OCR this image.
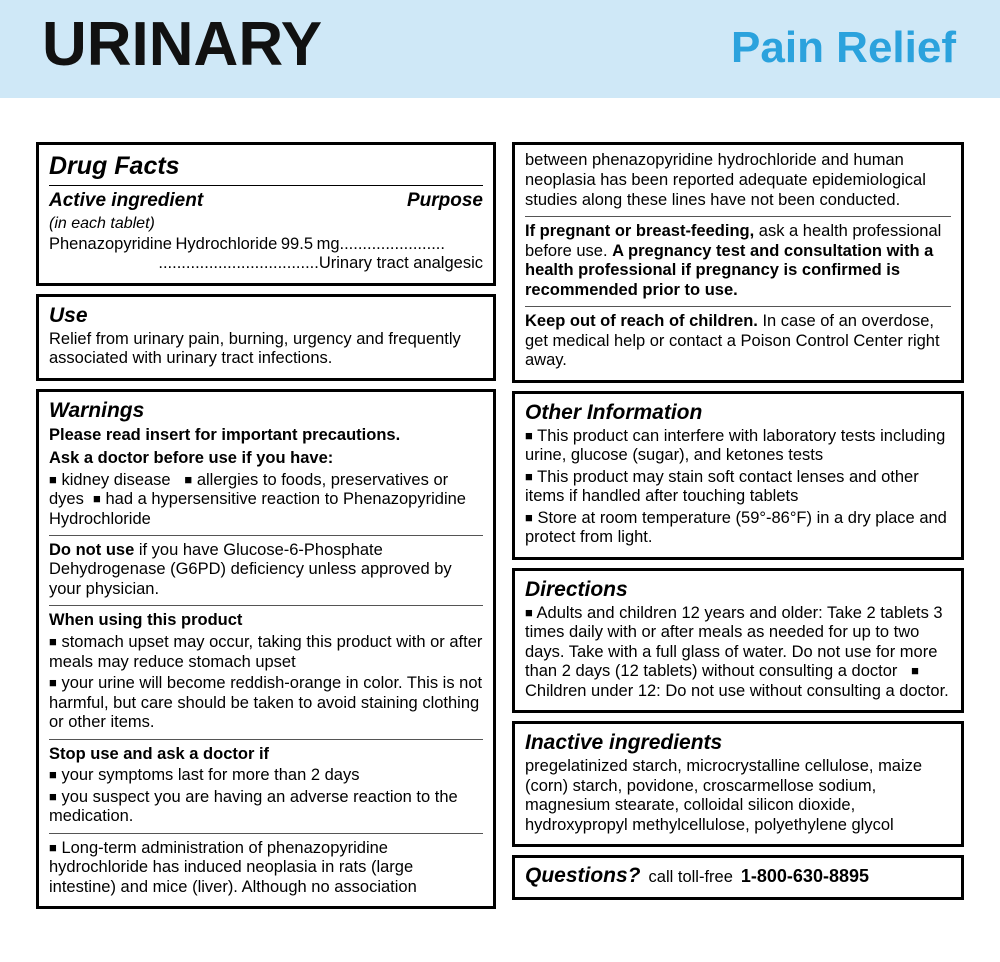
URINARY	Pain Relief
Drug Facts
Active ingredient	Purpose
(in each tablet)
Phenazopyridine Hydrochloride 99.5 mg.......................
...................................Urinary tract analgesic
Use
Relief from urinary pain, burning, urgency and frequently associated with urinary tract infections.
Warnings
Please read insert for important precautions.
Ask a doctor before use if you have:
■ kidney disease ■ allergies to foods, preservatives or dyes ■ had a hypersensitive reaction to Phenazopyridine Hydrochloride
Do not use if you have Glucose-6-Phosphate Dehydrogenase (G6PD) deficiency unless approved by your physician.
When using this product
■ stomach upset may occur, taking this product with or after meals may reduce stomach upset
■ your urine will become reddish-orange in color. This is not harmful, but care should be taken to avoid staining clothing or other items.
Stop use and ask a doctor if
■ your symptoms last for more than 2 days
■ you suspect you are having an adverse reaction to the medication.
■ Long-term administration of phenazopyridine hydrochloride has induced neoplasia in rats (large intestine) and mice (liver). Although no association
between phenazopyridine hydrochloride and human neoplasia has been reported adequate epidemiological studies along these lines have not been conducted.
If pregnant or breast-feeding, ask a health professional before use. A pregnancy test and consultation with a health professional if pregnancy is confirmed is recommended prior to use.
Keep out of reach of children. In case of an overdose, get medical help or contact a Poison Control Center right away.
Other Information
■ This product can interfere with laboratory tests including urine, glucose (sugar), and ketones tests
■ This product may stain soft contact lenses and other items if handled after touching tablets
■ Store at room temperature (59°-86°F) in a dry place and protect from light.
Directions
■ Adults and children 12 years and older: Take 2 tablets 3 times daily with or after meals as needed for up to two days. Take with a full glass of water. Do not use for more than 2 days (12 tablets) without consulting a doctor ■ Children under 12: Do not use without consulting a doctor.
Inactive ingredients
pregelatinized starch, microcrystalline cellulose, maize (corn) starch, povidone, croscarmellose sodium, magnesium stearate, colloidal silicon dioxide, hydroxypropyl methylcellulose, polyethylene glycol
Questions? call toll-free 1-800-630-8895
